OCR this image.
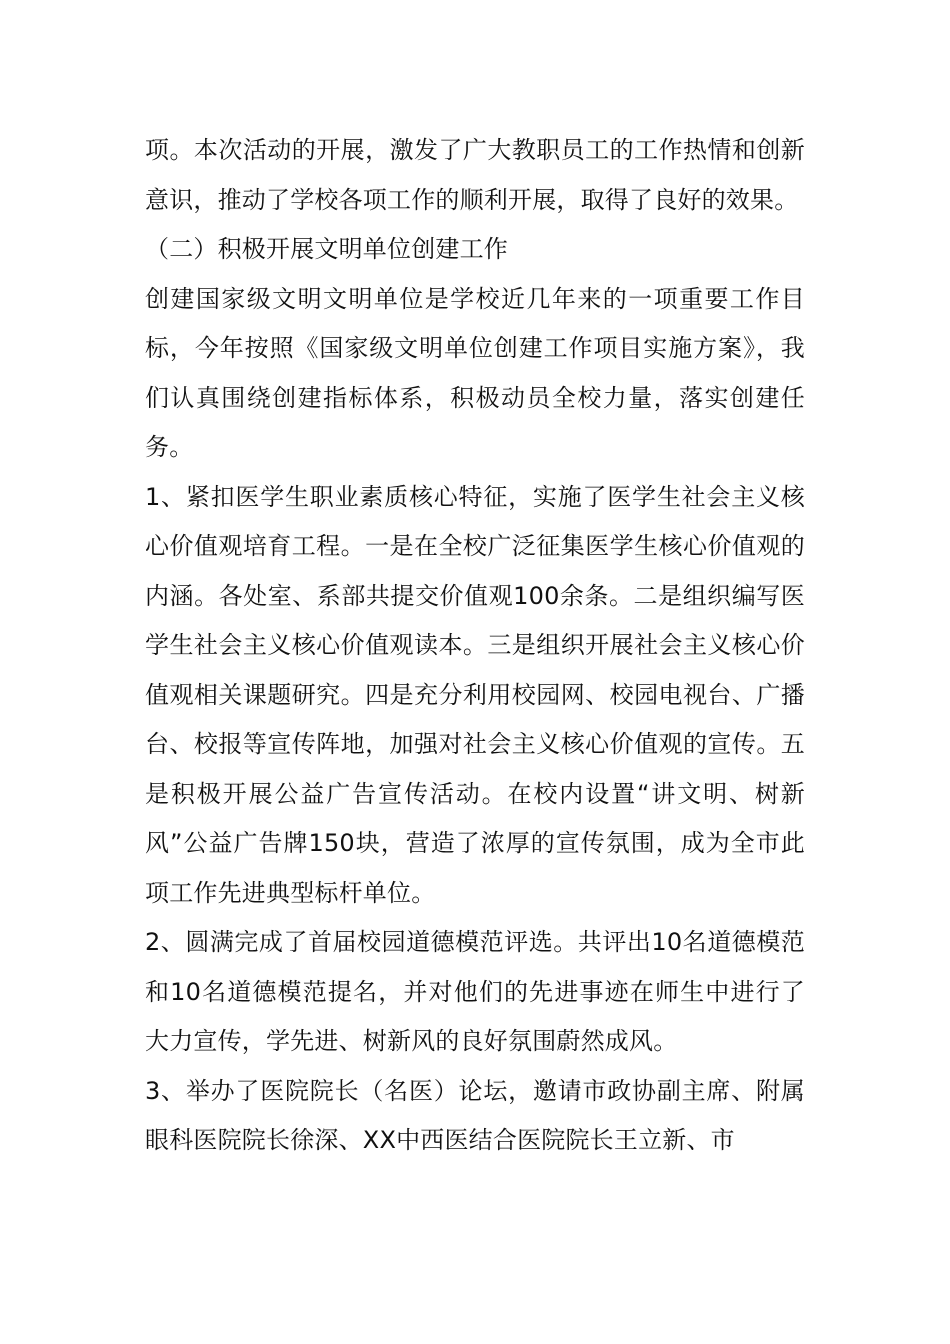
项。本次活动的开展，激发了广大教职员工的工作热情和创新意识，推动了学校各项工作的顺利开展，取得了良好的效果。

（二）积极开展文明单位创建工作

创建国家级文明文明单位是学校近几年来的一项重要工作目标，今年按照《国家级文明单位创建工作项目实施方案》，我们认真围绕创建指标体系，积极动员全校力量，落实创建任务。

1、紧扣医学生职业素质核心特征，实施了医学生社会主义核心价值观培育工程。一是在全校广泛征集医学生核心价值观的内涵。各处室、系部共提交价值观100余条。二是组织编写医学生社会主义核心价值观读本。三是组织开展社会主义核心价值观相关课题研究。四是充分利用校园网、校园电视台、广播台、校报等宣传阵地，加强对社会主义核心价值观的宣传。五是积极开展公益广告宣传活动。在校内设置“讲文明、树新风”公益广告牌150块，营造了浓厚的宣传氛围，成为全市此项工作先进典型标杆单位。

2、圆满完成了首届校园道德模范评选。共评出10名道德模范和10名道德模范提名，并对他们的先进事迹在师生中进行了大力宣传，学先进、树新风的良好氛围蔚然成风。

3、举办了医院院长（名医）论坛，邀请市政协副主席、附属眼科医院院长徐深、XX中西医结合医院院长王立新、市
